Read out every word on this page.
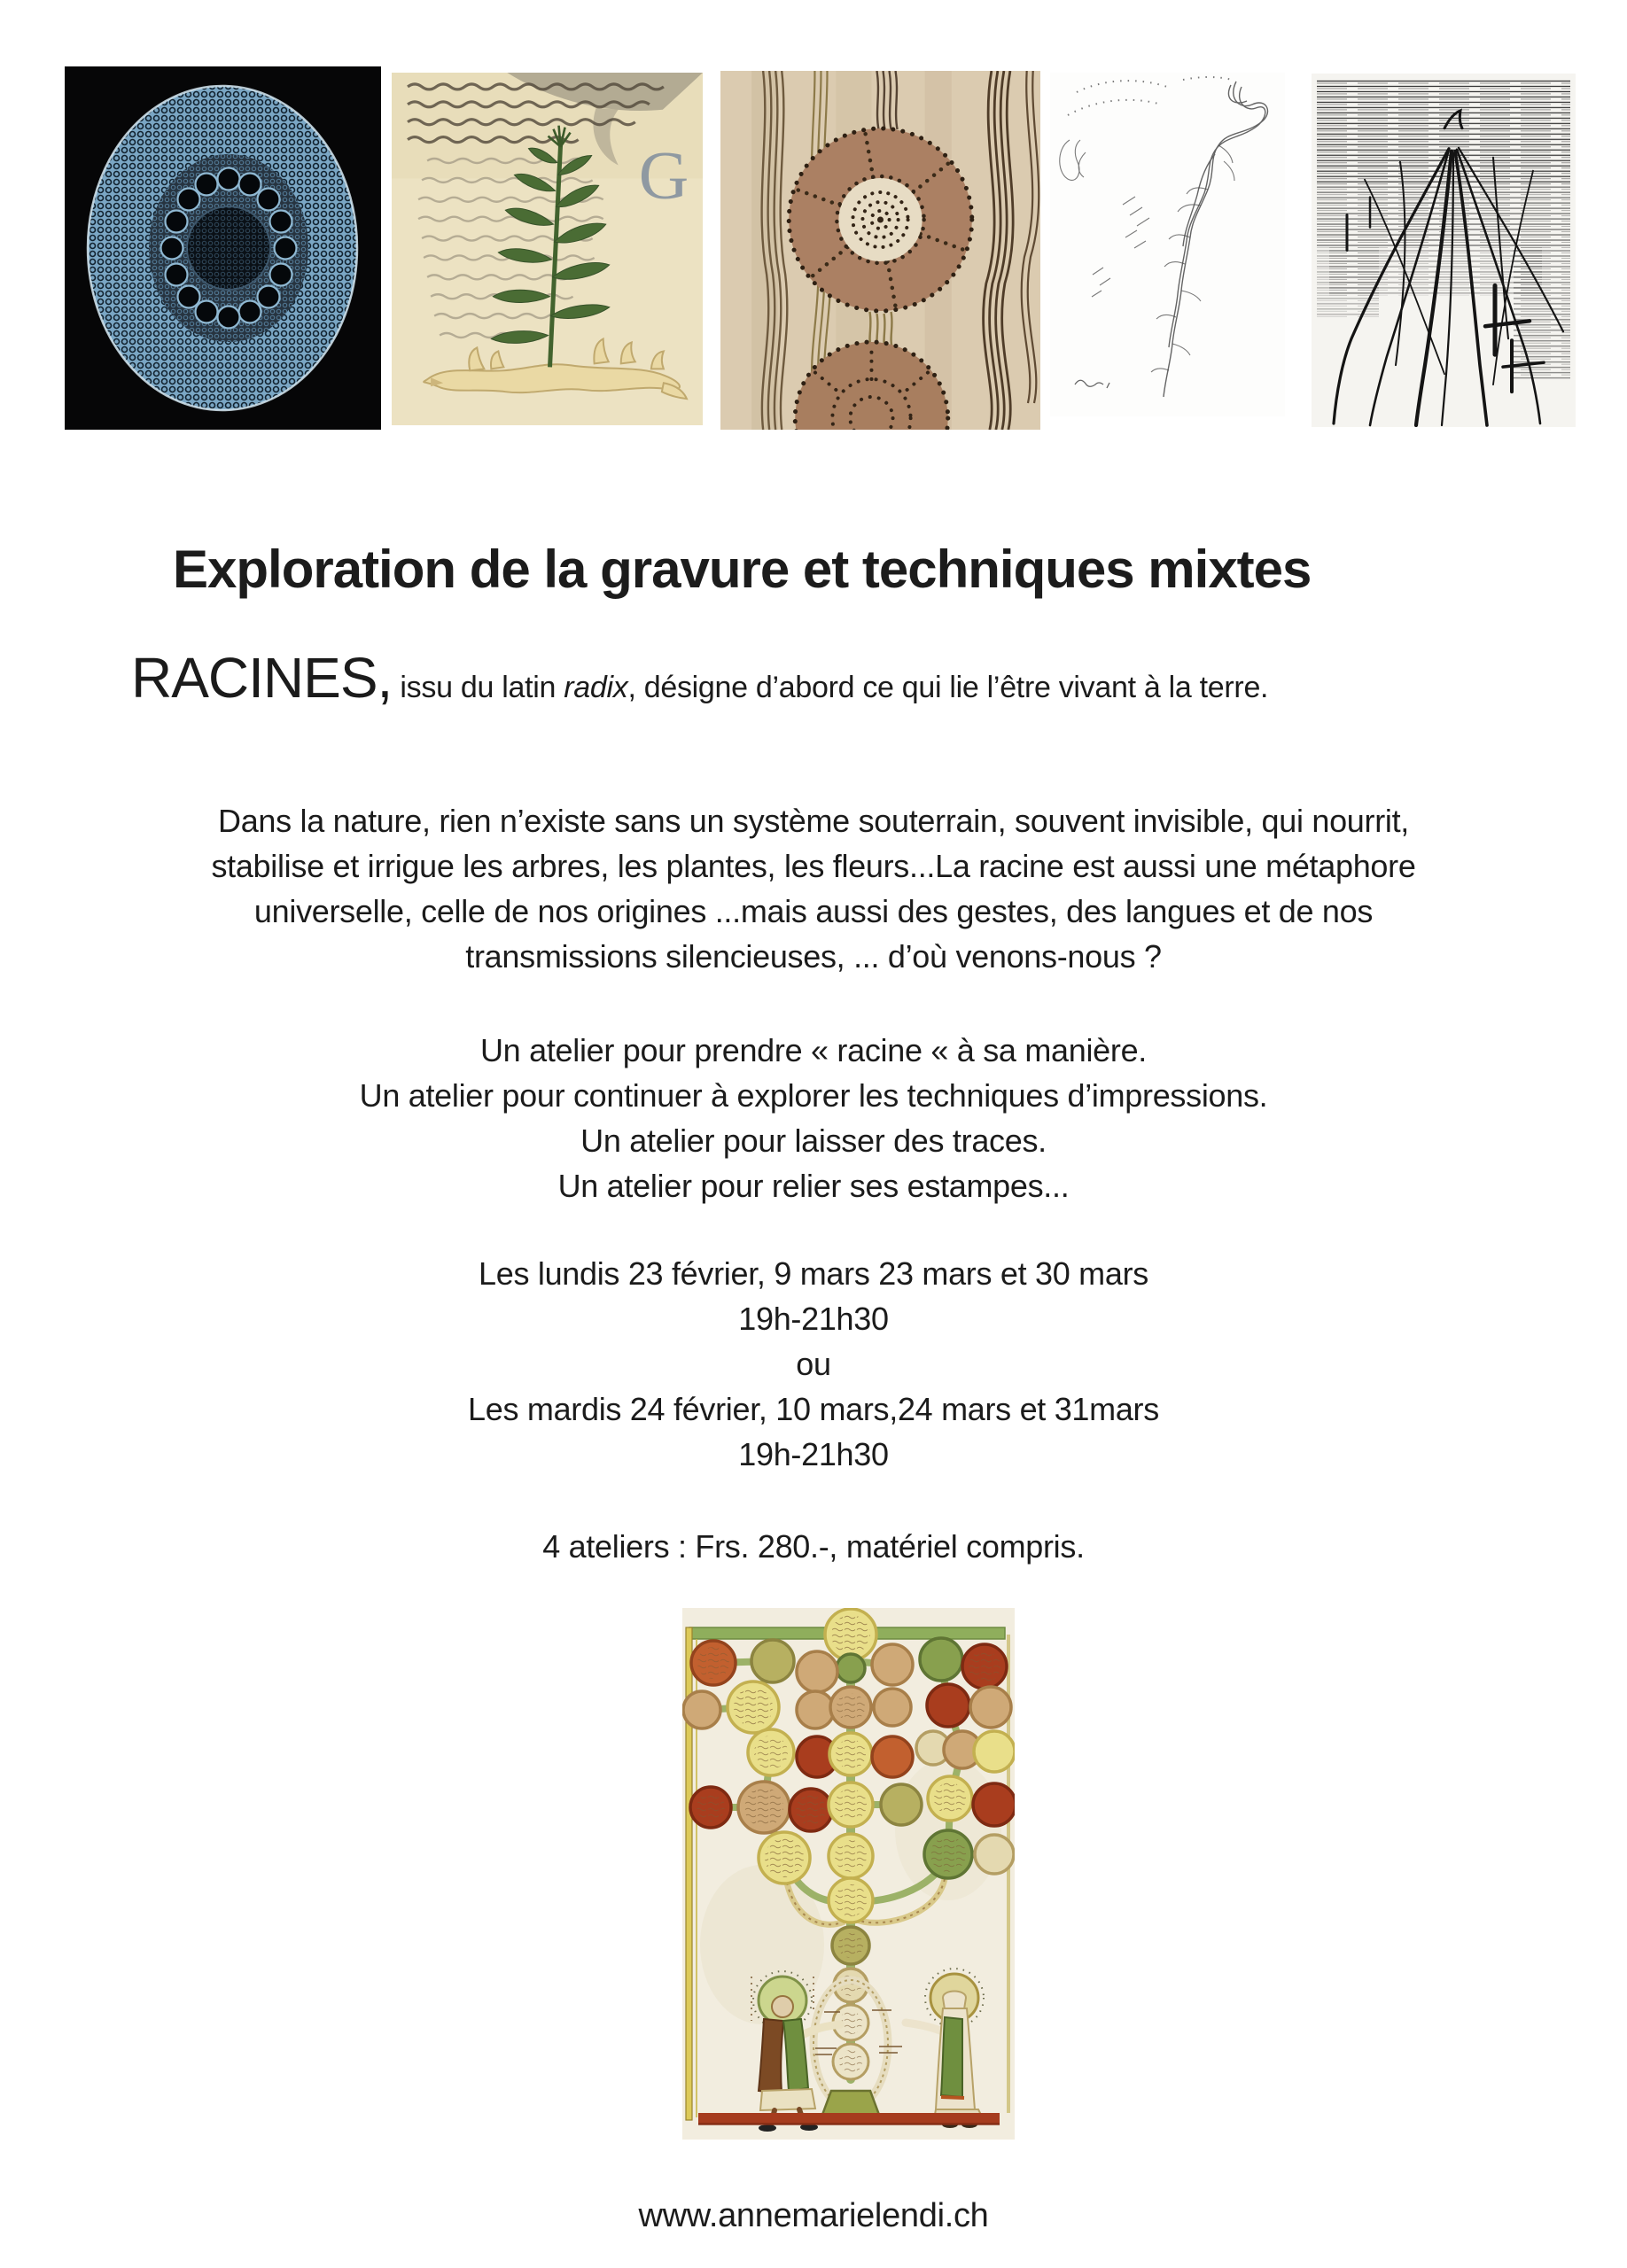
G
Exploration de la gravure et techniques mixtes
RACINES, issu du latin radix, désigne d’abord ce qui lie l’être vivant à la terre.
Dans la nature, rien n’existe sans un système souterrain, souvent invisible, qui nourrit,
stabilise et irrigue les arbres, les plantes, les fleurs...La racine est aussi une métaphore
universelle, celle de nos origines ...mais aussi des gestes, des langues et de nos
transmissions silencieuses, ... d’où venons-nous ?
Un atelier pour prendre « racine « à sa manière.
Un atelier pour continuer à explorer les techniques d’impressions.
Un atelier pour laisser des traces.
Un atelier pour relier ses estampes...
Les lundis 23 février, 9 mars 23 mars et 30 mars
19h-21h30
ou
Les mardis 24 février, 10 mars,24 mars et 31mars
19h-21h30
4 ateliers : Frs. 280.-, matériel compris.
www.annemarielendi.ch
